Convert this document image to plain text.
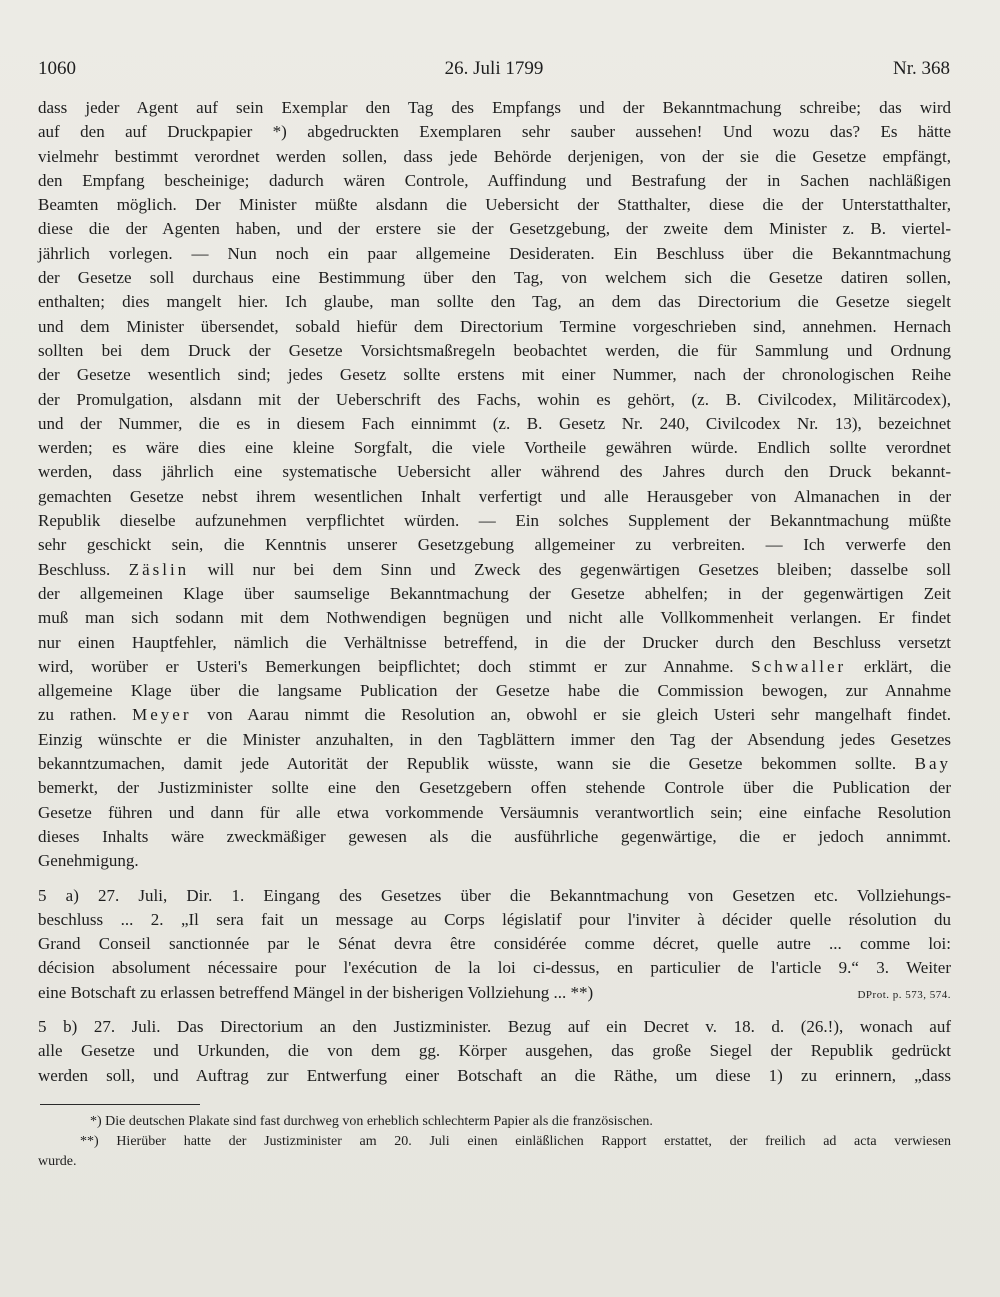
1060	26. Juli 1799	Nr. 368

dass jeder Agent auf sein Exemplar den Tag des Empfangs und der Bekanntmachung schreibe; das wird

auf den auf Druckpapier *) abgedruckten Exemplaren sehr sauber aussehen! Und wozu das? Es hätte

vielmehr bestimmt verordnet werden sollen, dass jede Behörde derjenigen, von der sie die Gesetze empfängt,

den Empfang bescheinige; dadurch wären Controle, Auffindung und Bestrafung der in Sachen nachläßigen

Beamten möglich. Der Minister müßte alsdann die Uebersicht der Statthalter, diese die der Unterstatthalter,

diese die der Agenten haben, und der erstere sie der Gesetzgebung, der zweite dem Minister z. B. viertel-

jährlich vorlegen. — Nun noch ein paar allgemeine Desideraten. Ein Beschluss über die Bekanntmachung

der Gesetze soll durchaus eine Bestimmung über den Tag, von welchem sich die Gesetze datiren sollen,

enthalten; dies mangelt hier. Ich glaube, man sollte den Tag, an dem das Directorium die Gesetze siegelt

und dem Minister übersendet, sobald hiefür dem Directorium Termine vorgeschrieben sind, annehmen. Hernach

sollten bei dem Druck der Gesetze Vorsichtsmaßregeln beobachtet werden, die für Sammlung und Ordnung

der Gesetze wesentlich sind; jedes Gesetz sollte erstens mit einer Nummer, nach der chronologischen Reihe

der Promulgation, alsdann mit der Ueberschrift des Fachs, wohin es gehört, (z. B. Civilcodex, Militärcodex),

und der Nummer, die es in diesem Fach einnimmt (z. B. Gesetz Nr. 240, Civilcodex Nr. 13), bezeichnet

werden; es wäre dies eine kleine Sorgfalt, die viele Vortheile gewähren würde. Endlich sollte verordnet

werden, dass jährlich eine systematische Uebersicht aller während des Jahres durch den Druck bekannt-

gemachten Gesetze nebst ihrem wesentlichen Inhalt verfertigt und alle Herausgeber von Almanachen in der

Republik dieselbe aufzunehmen verpflichtet würden. — Ein solches Supplement der Bekanntmachung müßte

sehr geschickt sein, die Kenntnis unserer Gesetzgebung allgemeiner zu verbreiten. — Ich verwerfe den

Beschluss. Zäslin will nur bei dem Sinn und Zweck des gegenwärtigen Gesetzes bleiben; dasselbe soll

der allgemeinen Klage über saumselige Bekanntmachung der Gesetze abhelfen; in der gegenwärtigen Zeit

muß man sich sodann mit dem Nothwendigen begnügen und nicht alle Vollkommenheit verlangen. Er findet

nur einen Hauptfehler, nämlich die Verhältnisse betreffend, in die der Drucker durch den Beschluss versetzt

wird, worüber er Usteri's Bemerkungen beipflichtet; doch stimmt er zur Annahme. Schwaller erklärt, die

allgemeine Klage über die langsame Publication der Gesetze habe die Commission bewogen, zur Annahme

zu rathen. Meyer von Aarau nimmt die Resolution an, obwohl er sie gleich Usteri sehr mangelhaft findet.

Einzig wünschte er die Minister anzuhalten, in den Tagblättern immer den Tag der Absendung jedes Gesetzes

bekanntzumachen, damit jede Autorität der Republik wüsste, wann sie die Gesetze bekommen sollte. Bay

bemerkt, der Justizminister sollte eine den Gesetzgebern offen stehende Controle über die Publication der

Gesetze führen und dann für alle etwa vorkommende Versäumnis verantwortlich sein; eine einfache Resolution

dieses Inhalts wäre zweckmäßiger gewesen als die ausführliche gegenwärtige, die er jedoch annimmt.

Genehmigung.

5 a) 27. Juli, Dir. 1. Eingang des Gesetzes über die Bekanntmachung von Gesetzen etc. Vollziehungs-

beschluss ... 2. „Il sera fait un message au Corps législatif pour l'inviter à décider quelle résolution du

Grand Conseil sanctionnée par le Sénat devra être considérée comme décret, quelle autre ... comme loi:

décision absolument nécessaire pour l'exécution de la loi ci-dessus, en particulier de l'article 9.“ 3. Weiter

eine Botschaft zu erlassen betreffend Mängel in der bisherigen Vollziehung ... **)	DProt. p. 573, 574.

5 b) 27. Juli. Das Directorium an den Justizminister. Bezug auf ein Decret v. 18. d. (26.!), wonach auf

alle Gesetze und Urkunden, die von dem gg. Körper ausgehen, das große Siegel der Republik gedrückt

werden soll, und Auftrag zur Entwerfung einer Botschaft an die Räthe, um diese 1) zu erinnern, „dass

*) Die deutschen Plakate sind fast durchweg von erheblich schlechterm Papier als die französischen.

**) Hierüber hatte der Justizminister am 20. Juli einen einläßlichen Rapport erstattet, der freilich ad acta verwiesen

wurde.
